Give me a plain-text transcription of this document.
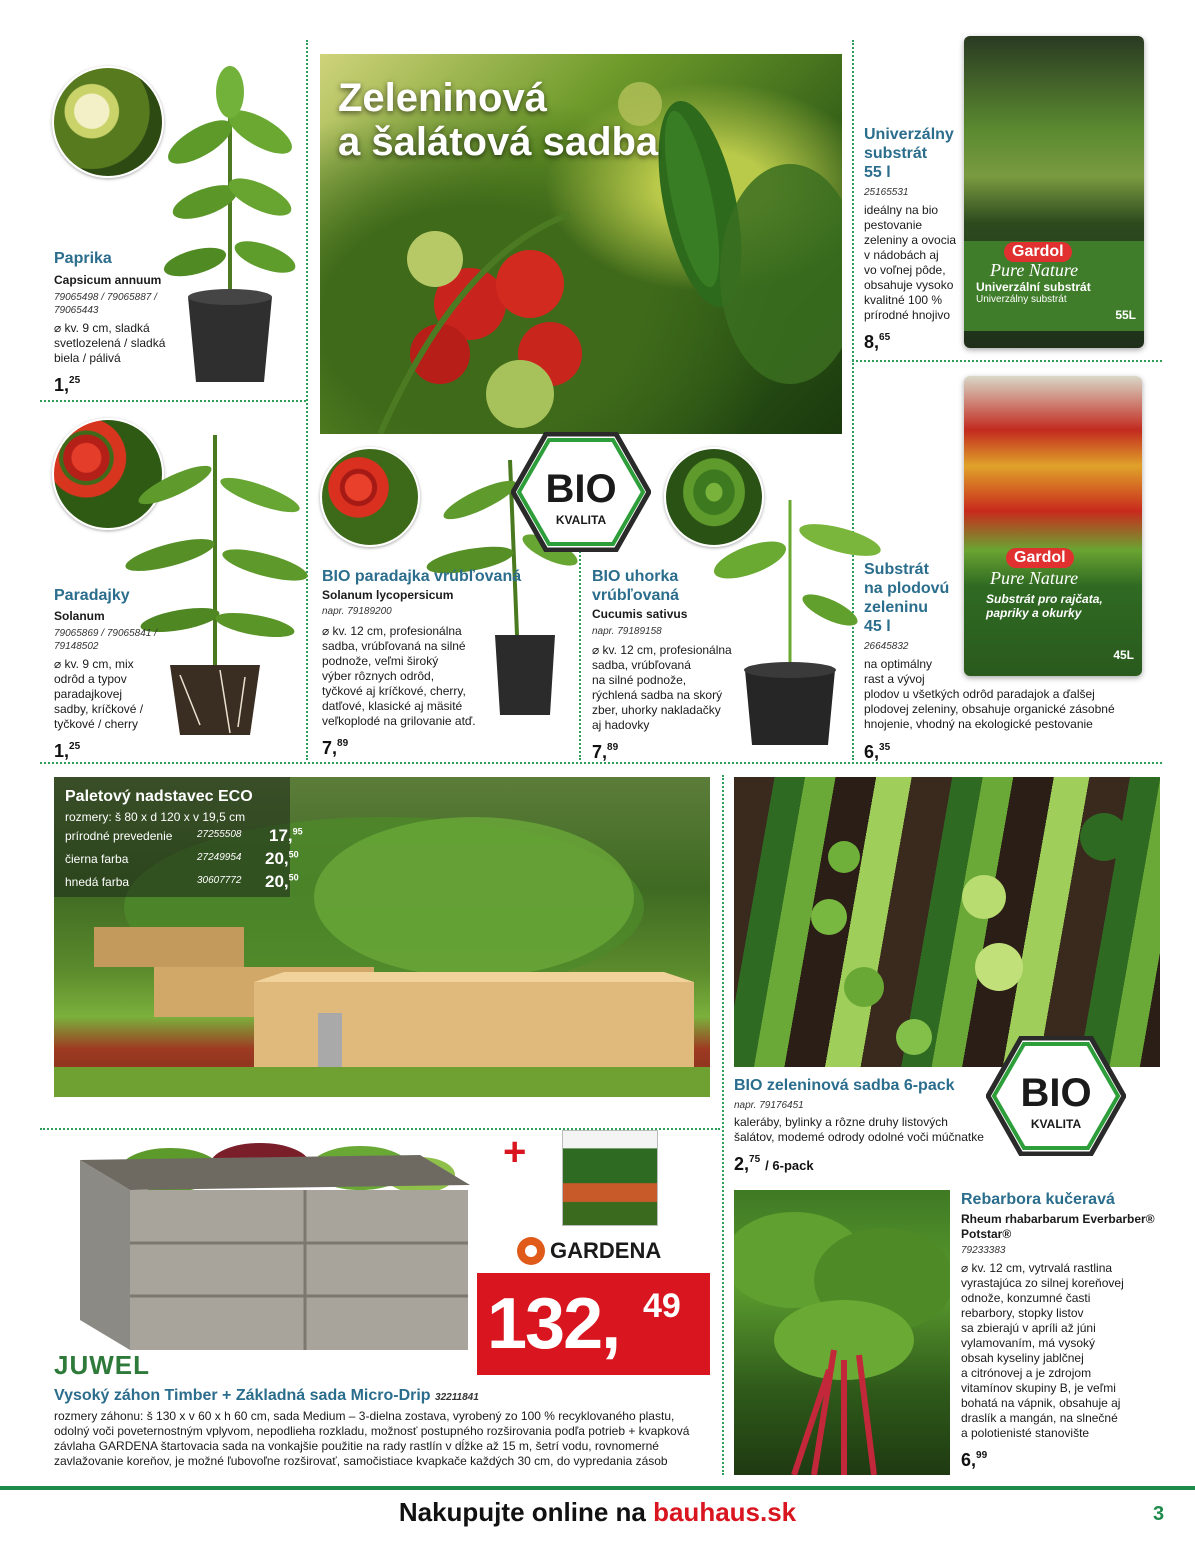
Paprika
Capsicum annuum
79065498 / 79065887 / 79065443
⌀ kv. 9 cm, sladká
svetlozelená / sladká
biela / pálivá
1,25
Zeleninová
a šalátová sadba	Univerzálny
substrát
55 l
25165531
ideálny na bio
pestovanie
zeleniny a ovocia
v nádobách aj
vo voľnej pôde,
obsahuje vysoko
kvalitné 100 %
prírodné hnojivo
8,65
Gardol
Pure Nature
Univerzální substrát
Univerzálny substrát
55L
Paradajky
Solanum
79065869 / 79065841 / 79148502
⌀ kv. 9 cm, mix
odrôd a typov
paradajkovej
sadby, kríčkové /
tyčkové / cherry
1,25
BIO
KVALITA
BIO paradajka vrúbľovaná
Solanum lycopersicum
napr. 79189200
⌀ kv. 12 cm, profesionálna
sadba, vrúbľovaná na silné
podnože, veľmi široký
výber rôznych odrôd,
tyčkové aj kríčkové, cherry,
datľové, klasické aj mäsité
veľkoplodé na grilovanie atď.
7,89
BIO uhorka
vrúbľovaná
Cucumis sativus
napr. 79189158
⌀ kv. 12 cm, profesionálna
sadba, vrúbľovaná
na silné podnože,
rýchlená sadba na skorý
zber, uhorky nakladačky
aj hadovky
7,89
Substrát
na plodovú
zeleninu
45 l
26645832
na optimálny
rast a vývoj
plodov u všetkých odrôd paradajok a ďalšej
plodovej zeleniny, obsahuje organické zásobné
hnojenie, vhodný na ekologické pestovanie
6,35
Gardol
Pure Nature
Substrát pro rajčata,
papriky a okurky
45L
Paletový nadstavec ECO
rozmery: š 80 x d 120 x v 19,5 cm
prírodné prevedenie 27255508 17,95
čierna farba	27249954 20,50
hnedá farba	30607772 20,50
BIO
KVALITA
BIO zeleninová sadba 6-pack
napr. 79176451
kaleráby, bylinky a rôzne druhy listových
šalátov, modemé odrody odolné voči múčnatke
2,75 / 6-pack
+
GARDENA
132, 49
JUWEL
Vysoký záhon Timber + Základná sada Micro-Drip 32211841
rozmery záhonu: š 130 x v 60 x h 60 cm, sada Medium – 3-dielna zostava, vyrobený zo 100 % recyklovaného plastu,
odolný voči poveternostným vplyvom, nepodlieha rozkladu, možnosť postupného rozširovania podľa potrieb + kvapková
závlaha GARDENA štartovacia sada na vonkajšie použitie na rady rastlín v dĺžke až 15 m, šetrí vodu, rovnomerné
zavlažovanie koreňov, je možné ľubovoľne rozširovať, samočistiace kvapkače každých 30 cm, do vypredania zásob
Rebarbora kučeravá
Rheum rhabarbarum Everbarber®
Potstar®
79233383
⌀ kv. 12 cm, vytrvalá rastlina
vyrastajúca zo silnej koreňovej
odnože, konzumné časti
rebarbory, stopky listov
sa zbierajú v apríli až júni
vylamovaním, má vysoký
obsah kyseliny jablčnej
a citrónovej a je zdrojom
vitamínov skupiny B, je veľmi
bohatá na vápnik, obsahuje aj
draslík a mangán, na slnečné
a polotienisté stanovište
6,99
Nakupujte online na bauhaus.sk	3
